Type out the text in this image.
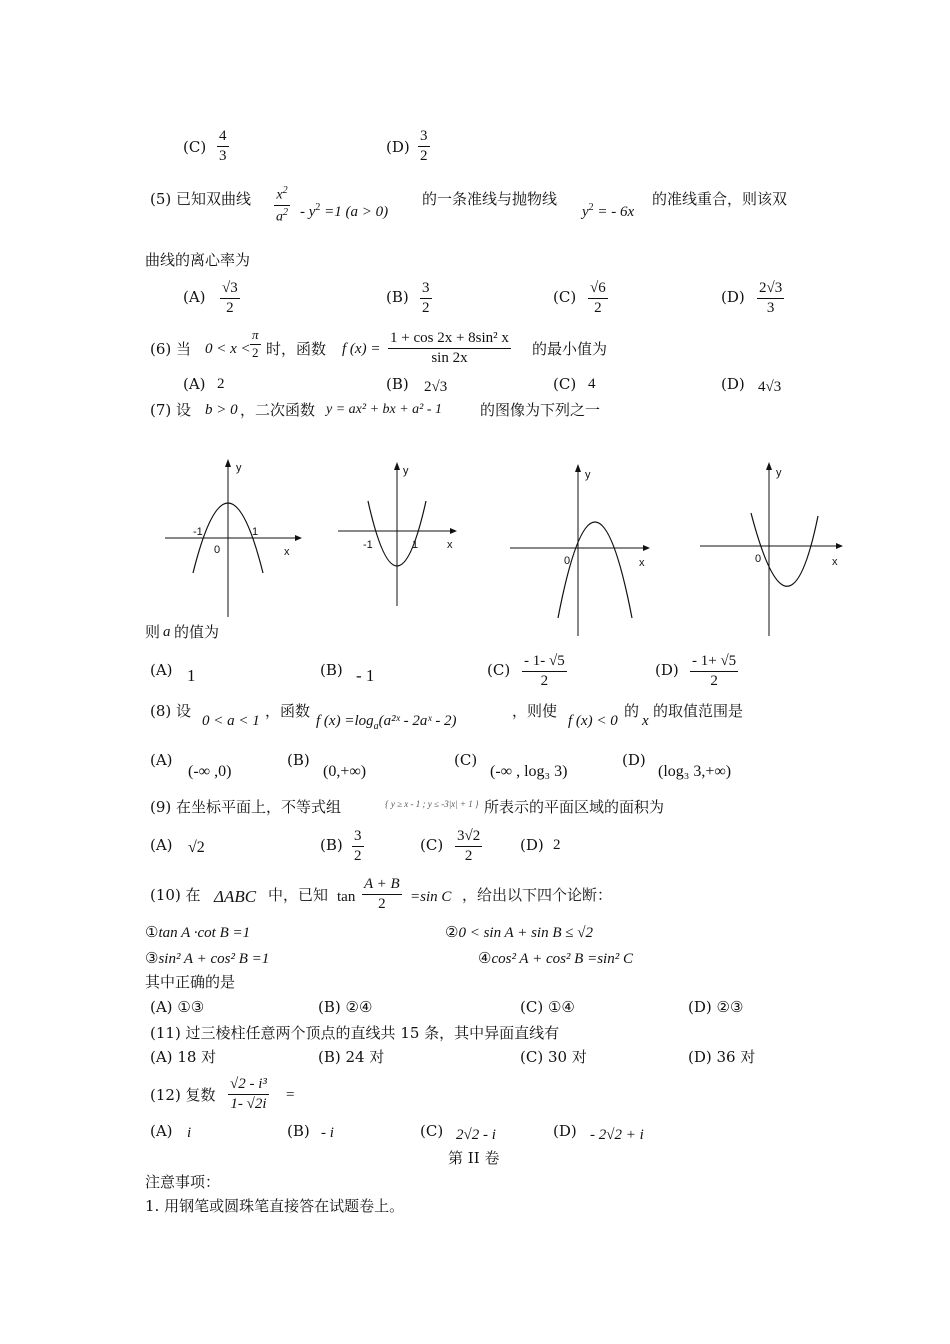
(C)
4
3
(D)
3
2
(5) 已知双曲线 $x^2$
$a^2 - y^2 =1$ (a > 0)
的一条准线与抛物线
$y^2$ = - 6x
的准线重合，则该双
曲线的离心率为
(A) √3
2
(B) 3
2
(C) √6
2
(D) 2√3
3
(6) 当 0 < x <
π
2 时，函数 f (x) =
1 + cos 2x + 8sin² x
sin 2x
的最小值为
(A) 2	(B) 2√3	(C) 4	(D) 4√3
(7) 设 b > 0 ，二次函数 y = ax² + bx + a² - 1	的图像为下列之一
y
x
-1	1
0
y
x
-1	1
y
x
0
y
x
0
则 a 的值为
(A) 1	(B) - 1	(C) - 1- √5
2
(D) - 1+ √5
2
(8) 设
0 < a < 1
，函数
f $(x) =\log_a(a^2ˣ$ - 2aˣ - 2)
，则使
f (x) < 0
的
x
的取值范围是
(A)
(-∞ ,0)
(B)
(0,+∞)
(C)
(-∞ , log₃ 3)
(D)
(log₃ 3,+∞)
(9) 在坐标平面上，不等式组	{ y ≥ x - 1 ; y ≤ -3|x| + 1 } 所表示的平面区域的面积为
(A) √2	(B) 3
2
(C) 3√2
2
(D) 2
(10) 在 ΔABC 中，已知 tan
A + B
2	=sin C ，给出以下四个论断：
①tan A ·cot B =1	②0 < sin A + sin B ≤ √2
③sin² A + cos² B =1	④cos² A + cos² B =sin² C
其中正确的是
(A) ①③	(B) ②④	(C) ①④	(D) ②③
(11) 过三棱柱任意两个顶点的直线共 15 条，其中异面直线有
(A) 18 对	(B) 24 对	(C) 30 对	(D) 36 对
(12) 复数
√2 - i³
1- √2i
=
(A) i	(B) - i	(C) 2√2 - i	(D) - 2√2 + i
第 II 卷
注意事项：
1. 用钢笔或圆珠笔直接答在试题卷上。
